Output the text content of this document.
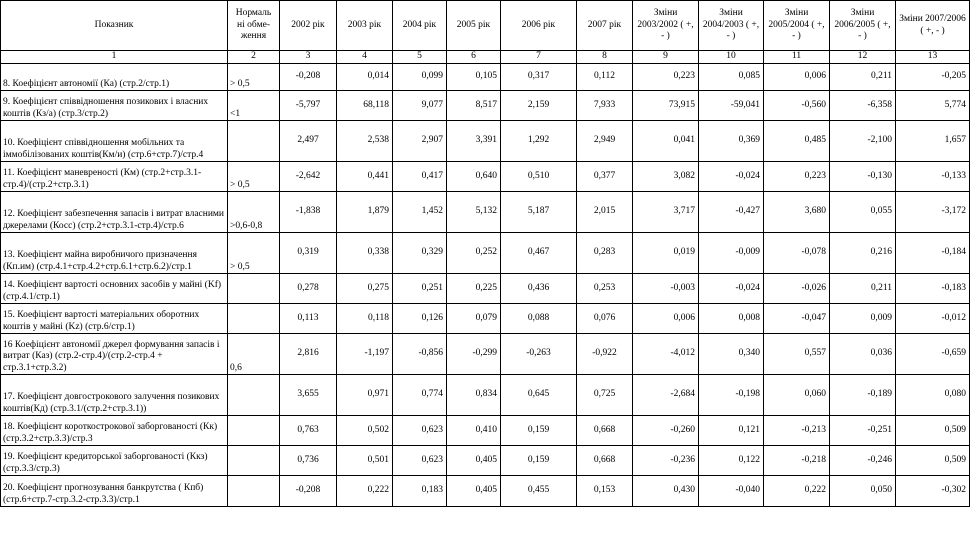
Показник	Нормаль ні обме-ження	2002 рік	2003 рік	2004 рік	2005 рік	2006 рік	2007 рік	Зміни 2003/2002 ( +, - )	Зміни 2004/2003 ( +, - )	Зміни 2005/2004 ( +, - )	Зміни 2006/2005 ( +, - )	Зміни 2007/2006 ( +, - )
1	2	3	4	5	6	7	8	9	10	11	12	13
8. Коефіцієнт автономії (Ка) (стр.2/стр.1)	> 0,5	-0,208	0,014	0,099	0,105	0,317	0,112	0,223	0,085	0,006	0,211	-0,205
9. Коефіцієнт співвідношення позикових і власних коштів (Кз/а) (стр.3/стр.2)	<1	-5,797	68,118	9,077	8,517	2,159	7,933	73,915	-59,041	-0,560	-6,358	5,774
10. Коефіцієнт співвідношення мобільних та іммобілізованих коштів(Км/и) (стр.6+стр.7)/стр.4		2,497	2,538	2,907	3,391	1,292	2,949	0,041	0,369	0,485	-2,100	1,657
11. Коефіцієнт маневреності (Км) (стр.2+стр.3.1-стр.4)/(стр.2+стр.3.1)	> 0,5	-2,642	0,441	0,417	0,640	0,510	0,377	3,082	-0,024	0,223	-0,130	-0,133
12. Коефіцієнт забезпечення запасів і витрат власними джерелами (Косс) (стр.2+стр.3.1-стр.4)/стр.6	>0,6-0,8	-1,838	1,879	1,452	5,132	5,187	2,015	3,717	-0,427	3,680	0,055	-3,172
13. Коефіцієнт майна виробничого призначення (Кп.им) (стр.4.1+стр.4.2+стр.6.1+стр.6.2)/стр.1	> 0,5	0,319	0,338	0,329	0,252	0,467	0,283	0,019	-0,009	-0,078	0,216	-0,184
14. Коефіцієнт вартості основних засобів у майні (Kf) (стр.4.1/стр.1)		0,278	0,275	0,251	0,225	0,436	0,253	-0,003	-0,024	-0,026	0,211	-0,183
15. Коефіцієнт вартості матеріальних оборотних коштів у майні (Kz) (стр.6/стр.1)		0,113	0,118	0,126	0,079	0,088	0,076	0,006	0,008	-0,047	0,009	-0,012
16 Коефіцієнт автономії джерел формування запасів і витрат (Каз) (стр.2-стр.4)/(стр.2-стр.4 + стр.3.1+стр.3.2)	0,6	2,816	-1,197	-0,856	-0,299	-0,263	-0,922	-4,012	0,340	0,557	0,036	-0,659
17. Коефіцієнт довгострокового залучення позикових коштів(Кд) (стр.3.1/(стр.2+стр.3.1))		3,655	0,971	0,774	0,834	0,645	0,725	-2,684	-0,198	0,060	-0,189	0,080
18. Коефіцієнт короткострокової заборгованості (Кк) (стр.3.2+стр.3.3)/стр.3		0,763	0,502	0,623	0,410	0,159	0,668	-0,260	0,121	-0,213	-0,251	0,509
19. Коефіцієнт кредиторської заборгованості (Ккз) (стр.3.3/стр.3)		0,736	0,501	0,623	0,405	0,159	0,668	-0,236	0,122	-0,218	-0,246	0,509
20. Коефіцієнт прогнозування банкрутства ( Кпб) (стр.6+стр.7-стр.3.2-стр.3.3)/стр.1		-0,208	0,222	0,183	0,405	0,455	0,153	0,430	-0,040	0,222	0,050	-0,302
